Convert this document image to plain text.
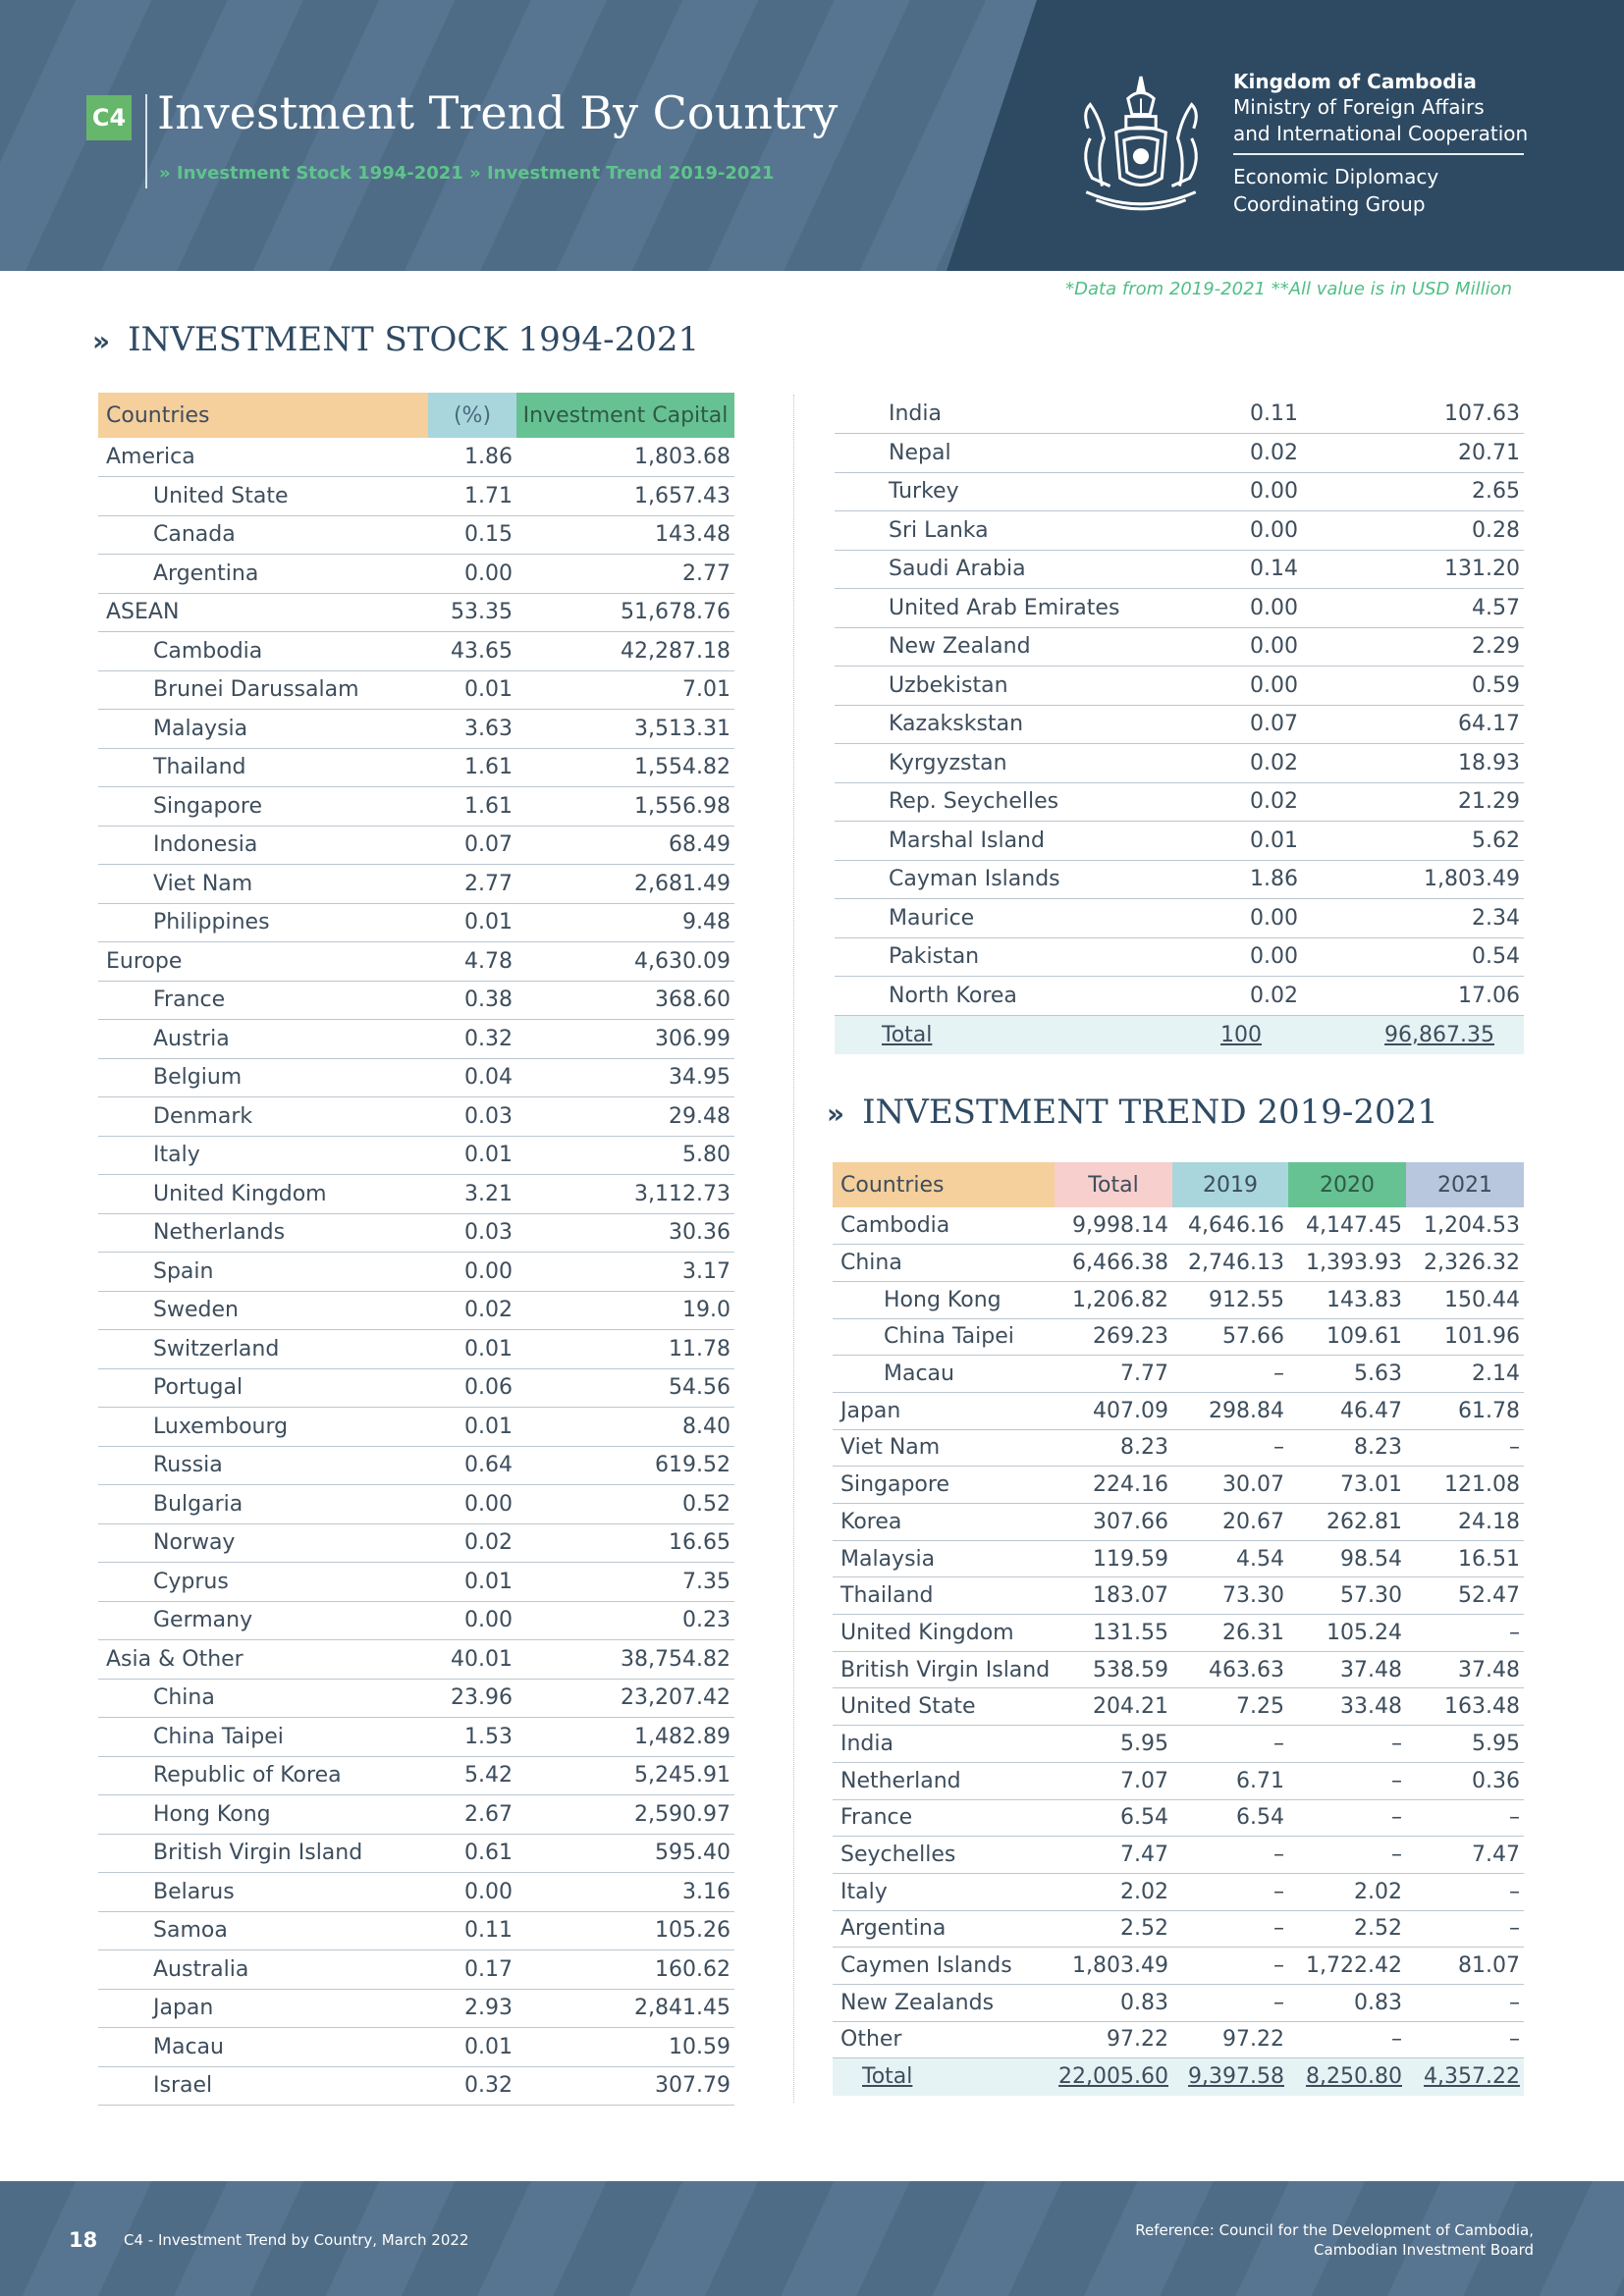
C4 Investment Trend By Country
» Investment Stock 1994-2021 » Investment Trend 2019-2021
Kingdom of Cambodia
Ministry of Foreign Affairs
and International Cooperation
Economic Diplomacy
Coordinating Group
*Data from 2019-2021 **All value is in USD Million
» INVESTMENT STOCK 1994-2021
Countries	(%)	Investment Capital
America	1.86	1,803.68
United State	1.71	1,657.43
Canada	0.15	143.48
Argentina	0.00	2.77
ASEAN	53.35	51,678.76
Cambodia	43.65	42,287.18
Brunei Darussalam	0.01	7.01
Malaysia	3.63	3,513.31
Thailand	1.61	1,554.82
Singapore	1.61	1,556.98
Indonesia	0.07	68.49
Viet Nam	2.77	2,681.49
Philippines	0.01	9.48
Europe	4.78	4,630.09
France	0.38	368.60
Austria	0.32	306.99
Belgium	0.04	34.95
Denmark	0.03	29.48
Italy	0.01	5.80
United Kingdom	3.21	3,112.73
Netherlands	0.03	30.36
Spain	0.00	3.17
Sweden	0.02	19.0
Switzerland	0.01	11.78
Portugal	0.06	54.56
Luxembourg	0.01	8.40
Russia	0.64	619.52
Bulgaria	0.00	0.52
Norway	0.02	16.65
Cyprus	0.01	7.35
Germany	0.00	0.23
Asia & Other	40.01	38,754.82
China	23.96	23,207.42
China Taipei	1.53	1,482.89
Republic of Korea	5.42	5,245.91
Hong Kong	2.67	2,590.97
British Virgin Island	0.61	595.40
Belarus	0.00	3.16
Samoa	0.11	105.26
Australia	0.17	160.62
Japan	2.93	2,841.45
Macau	0.01	10.59
Israel	0.32	307.79
India	0.11	107.63
Nepal	0.02	20.71
Turkey	0.00	2.65
Sri Lanka	0.00	0.28
Saudi Arabia	0.14	131.20
United Arab Emirates	0.00	4.57
New Zealand	0.00	2.29
Uzbekistan	0.00	0.59
Kazakskstan	0.07	64.17
Kyrgyzstan	0.02	18.93
Rep. Seychelles	0.02	21.29
Marshal Island	0.01	5.62
Cayman Islands	1.86	1,803.49
Maurice	0.00	2.34
Pakistan	0.00	0.54
North Korea	0.02	17.06
Total	100	96,867.35
» INVESTMENT TREND 2019-2021
Countries	Total	2019	2020	2021
Cambodia	9,998.14	4,646.16	4,147.45	1,204.53
China	6,466.38	2,746.13	1,393.93	2,326.32
Hong Kong	1,206.82	912.55	143.83	150.44
China Taipei	269.23	57.66	109.61	101.96
Macau	7.77	–	5.63	2.14
Japan	407.09	298.84	46.47	61.78
Viet Nam	8.23	–	8.23	–
Singapore	224.16	30.07	73.01	121.08
Korea	307.66	20.67	262.81	24.18
Malaysia	119.59	4.54	98.54	16.51
Thailand	183.07	73.30	57.30	52.47
United Kingdom	131.55	26.31	105.24	–
British Virgin Island	538.59	463.63	37.48	37.48
United State	204.21	7.25	33.48	163.48
India	5.95	–	–	5.95
Netherland	7.07	6.71	–	0.36
France	6.54	6.54	–	–
Seychelles	7.47	–	–	7.47
Italy	2.02	–	2.02	–
Argentina	2.52	–	2.52	–
Caymen Islands	1,803.49	–	1,722.42	81.07
New Zealands	0.83	–	0.83	–
Other	97.22	97.22	–	–
Total	22,005.60	9,397.58	8,250.80	4,357.22
18 C4 - Investment Trend by Country, March 2022
Reference: Council for the Development of Cambodia,
Cambodian Investment Board
